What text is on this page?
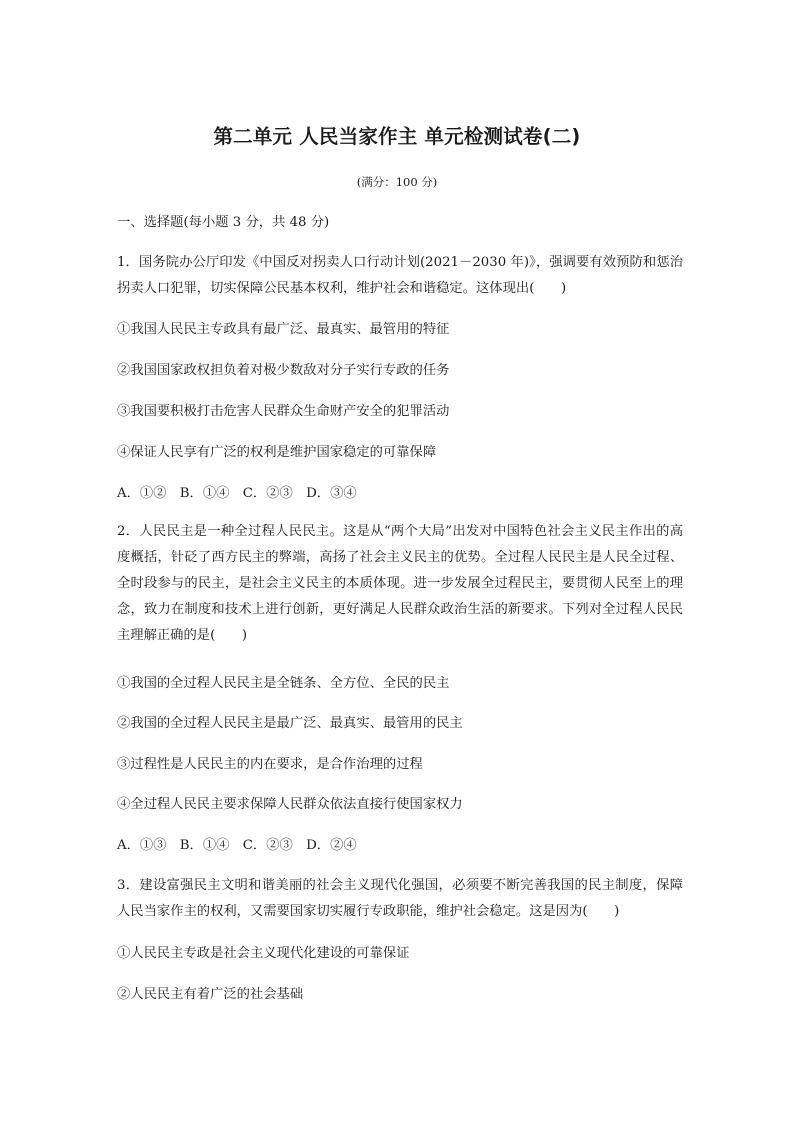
第二单元 人民当家作主 单元检测试卷(二)
(满分：100 分)
一、选择题(每小题 3 分，共 48 分)
1．国务院办公厅印发《中国反对拐卖人口行动计划(2021－2030 年)》，强调要有效预防和惩治拐卖人口犯罪，切实保障公民基本权利，维护社会和谐稳定。这体现出(　　)
①我国人民民主专政具有最广泛、最真实、最管用的特征
②我国国家政权担负着对极少数敌对分子实行专政的任务
③我国要积极打击危害人民群众生命财产安全的犯罪活动
④保证人民享有广泛的权利是维护国家稳定的可靠保障
A．①②　B．①④　C．②③　D．③④
2．人民民主是一种全过程人民民主。这是从“两个大局”出发对中国特色社会主义民主作出的高度概括，针砭了西方民主的弊端，高扬了社会主义民主的优势。全过程人民民主是人民全过程、全时段参与的民主，是社会主义民主的本质体现。进一步发展全过程民主，要贯彻人民至上的理念，致力在制度和技术上进行创新，更好满足人民群众政治生活的新要求。下列对全过程人民民主理解正确的是(　　)
①我国的全过程人民民主是全链条、全方位、全民的民主
②我国的全过程人民民主是最广泛、最真实、最管用的民主
③过程性是人民民主的内在要求，是合作治理的过程
④全过程人民民主要求保障人民群众依法直接行使国家权力
A．①③　B．①④　C．②③　D．②④
3．建设富强民主文明和谐美丽的社会主义现代化强国，必须要不断完善我国的民主制度，保障人民当家作主的权利，又需要国家切实履行专政职能，维护社会稳定。这是因为(　　)
①人民民主专政是社会主义现代化建设的可靠保证
②人民民主有着广泛的社会基础
